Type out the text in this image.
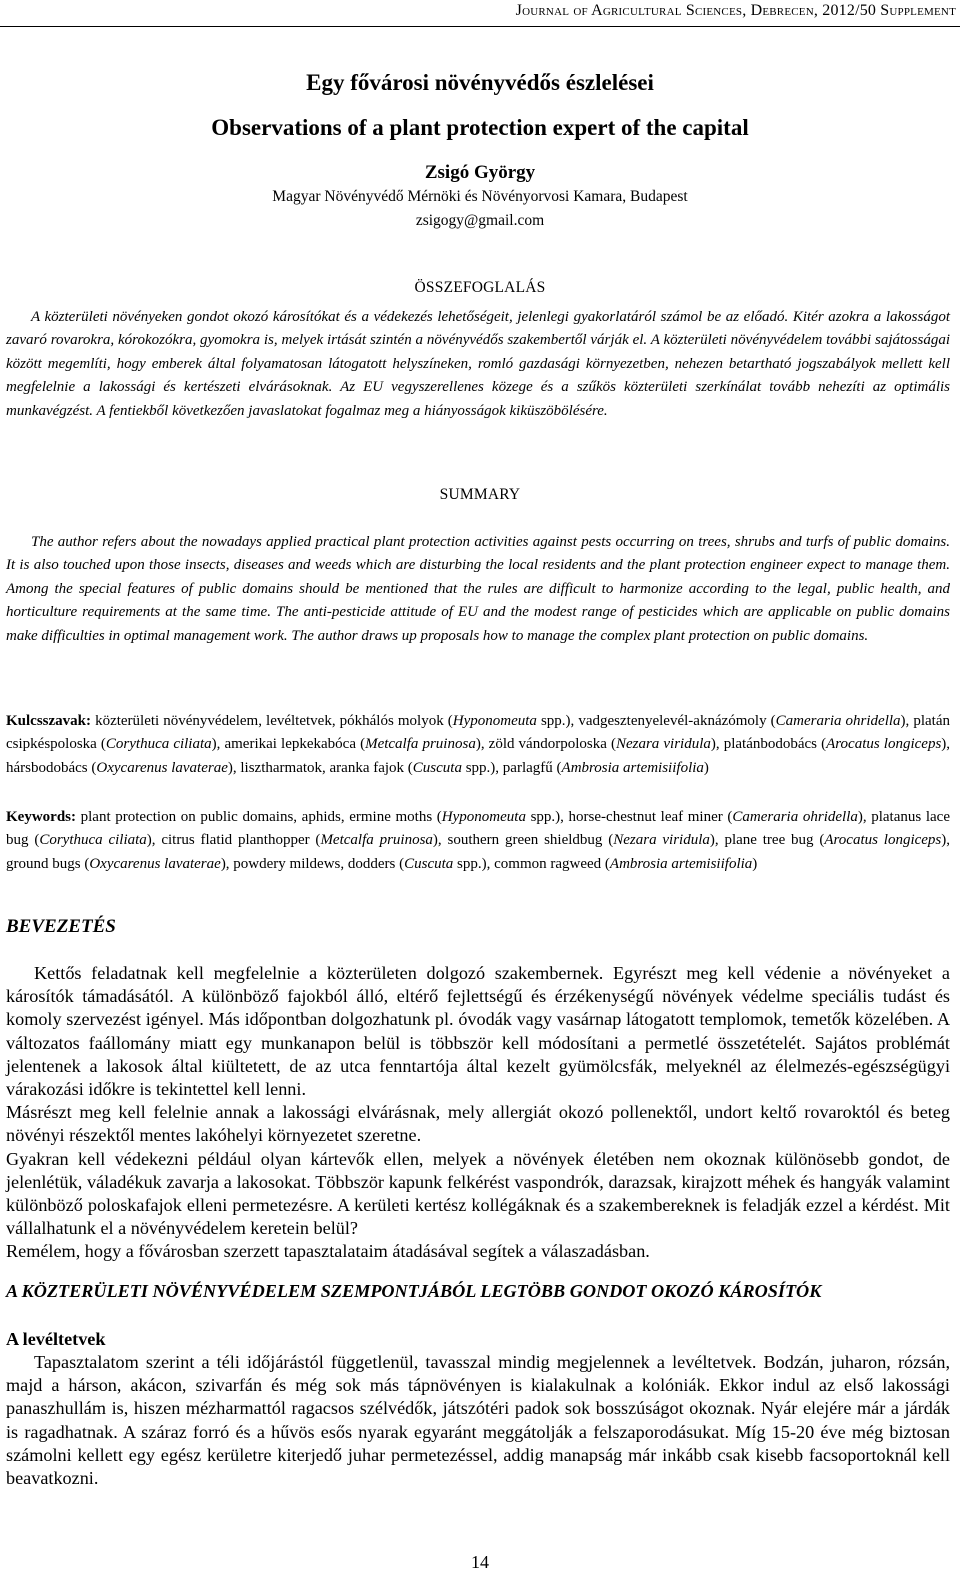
Journal of Agricultural Sciences, Debrecen, 2012/50 Supplement
Egy fővárosi növényvédős észlelései
Observations of a plant protection expert of the capital
Zsigó György
Magyar Növényvédő Mérnöki és Növényorvosi Kamara, Budapest
zsigogy@gmail.com
ÖSSZEFOGLALÁS
A közterületi növényeken gondot okozó károsítókat és a védekezés lehetőségeit, jelenlegi gyakorlatáról számol be az előadó. Kitér azokra a lakosságot zavaró rovarokra, kórokozókra, gyomokra is, melyek irtását szintén a növényvédős szakembertől várják el. A közterületi növényvédelem további sajátosságai között megemlíti, hogy emberek által folyamatosan látogatott helyszíneken, romló gazdasági környezetben, nehezen betartható jogszabályok mellett kell megfelelnie a lakossági és kertészeti elvárásoknak. Az EU vegyszerellenes közege és a szűkös közterületi szerkínálat tovább nehezíti az optimális munkavégzést. A fentiekből következően javaslatokat fogalmaz meg a hiányosságok kiküszöbölésére.
SUMMARY
The author refers about the nowadays applied practical plant protection activities against pests occurring on trees, shrubs and turfs of public domains. It is also touched upon those insects, diseases and weeds which are disturbing the local residents and the plant protection engineer expect to manage them. Among the special features of public domains should be mentioned that the rules are difficult to harmonize according to the legal, public health, and horticulture requirements at the same time. The anti-pesticide attitude of EU and the modest range of pesticides which are applicable on public domains make difficulties in optimal management work. The author draws up proposals how to manage the complex plant protection on public domains.
Kulcsszavak: közterületi növényvédelem, levéltetvek, pókhálós molyok (Hyponomeuta spp.), vadgesztenyelevél-aknázómoly (Cameraria ohridella), platán csipkéspoloska (Corythuca ciliata), amerikai lepkekabóca (Metcalfa pruinosa), zöld vándorpoloska (Nezara viridula), platánbodobács (Arocatus longiceps), hársbodobács (Oxycarenus lavaterae), lisztharmatok, aranka fajok (Cuscuta spp.), parlagfű (Ambrosia artemisiifolia)
Keywords: plant protection on public domains, aphids, ermine moths (Hyponomeuta spp.), horse-chestnut leaf miner (Cameraria ohridella), platanus lace bug (Corythuca ciliata), citrus flatid planthopper (Metcalfa pruinosa), southern green shieldbug (Nezara viridula), plane tree bug (Arocatus longiceps), ground bugs (Oxycarenus lavaterae), powdery mildews, dodders (Cuscuta spp.), common ragweed (Ambrosia artemisiifolia)
BEVEZETÉS

Kettős feladatnak kell megfelelnie a közterületen dolgozó szakembernek. Egyrészt meg kell védenie a növényeket a károsítók támadásától. A különböző fajokból álló, eltérő fejlettségű és érzékenységű növények védelme speciális tudást és komoly szervezést igényel. Más időpontban dolgozhatunk pl. óvodák vagy vasárnap látogatott templomok, temetők közelében. A változatos faállomány miatt egy munkanapon belül is többször kell módosítani a permetlé összetételét. Sajátos problémát jelentenek a lakosok által kiültetett, de az utca fenntartója által kezelt gyümölcsfák, melyeknél az élelmezés-egészségügyi várakozási időkre is tekintettel kell lenni.

Másrészt meg kell felelnie annak a lakossági elvárásnak, mely allergiát okozó pollenektől, undort keltő rovaroktól és beteg növényi részektől mentes lakóhelyi környezetet szeretne.

Gyakran kell védekezni például olyan kártevők ellen, melyek a növények életében nem okoznak különösebb gondot, de jelenlétük, váladékuk zavarja a lakosokat. Többször kapunk felkérést vaspondrók, darazsak, kirajzott méhek és hangyák valamint különböző poloskafajok elleni permetezésre. A kerületi kertész kollégáknak és a szakembereknek is feladják ezzel a kérdést. Mit vállalhatunk el a növényvédelem keretein belül?

Remélem, hogy a fővárosban szerzett tapasztalataim átadásával segítek a válaszadásban.

A KÖZTERÜLETI NÖVÉNYVÉDELEM SZEMPONTJÁBÓL LEGTÖBB GONDOT OKOZÓ KÁROSÍTÓK
A levéltetvek

Tapasztalatom szerint a téli időjárástól függetlenül, tavasszal mindig megjelennek a levéltetvek. Bodzán, juharon, rózsán, majd a hárson, akácon, szivarfán és még sok más tápnövényen is kialakulnak a kolóniák. Ekkor indul az első lakossági panaszhullám is, hiszen mézharmattól ragacsos szélvédők, játszótéri padok sok bosszúságot okoznak. Nyár elejére már a járdák is ragadhatnak. A száraz forró és a hűvös esős nyarak egyaránt meggátolják a felszaporodásukat. Míg 15-20 éve még biztosan számolni kellett egy egész kerületre kiterjedő juhar permetezéssel, addig manapság már inkább csak kisebb facsoportoknál kell beavatkozni.

14
